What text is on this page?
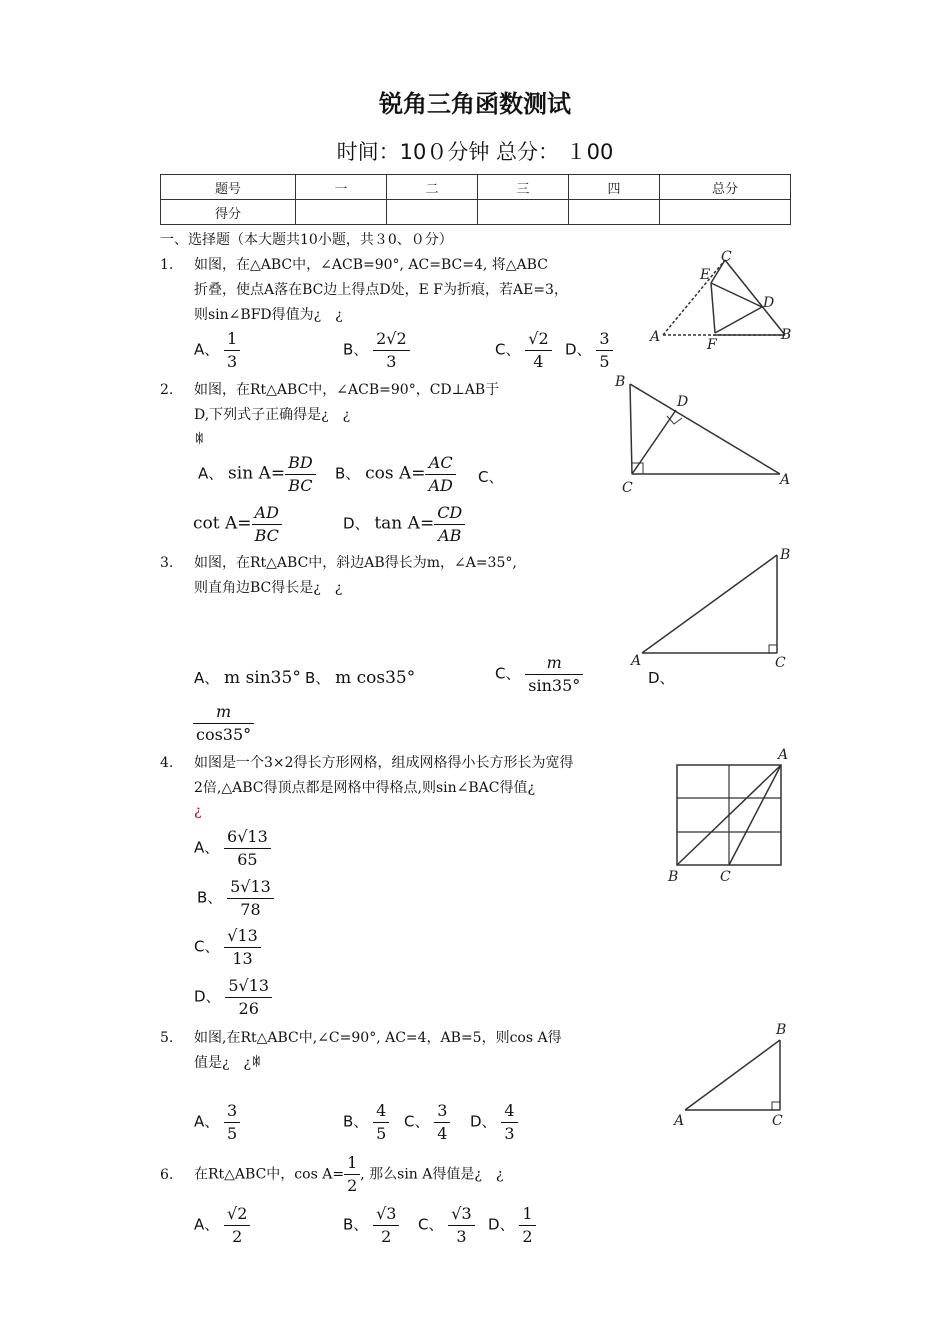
锐角三角函数测试
时间：10０分钟 总分： １00
题号	一	二	三	四	总分
得分					
一、选择题（本大题共10小题，共３0、０分）
1. 如图，在△ABC中，∠ACB=90°, AC=BC=4, 将△ABC
折叠，使点A落在BC边上得点D处，E F为折痕，若AE=3，
则sin∠BFD得值为¿　¿
A、 $\frac{1}{3}$	B、 $\frac{2√2}{3}$	C、 $\frac{√2}{4}$ D、 $\frac{3}{5}$
C
E
D
A	F
B
2. 如图，在Rt△ABC中，∠ACB=90°，CD⊥AB于
D,下列式子正确得是¿　¿
ꇾ
A、 $\sin A= \frac{BD}{BC}$ B、 $\cos A= \frac{AC}{AD}$
$\cot A= \frac{AD}{BC}$
C、
D、 $\tan A= \frac{CD}{AB}$
B
D
C	A
3. 如图，在Rt△ABC中，斜边AB得长为m，∠A=35°,
则直角边BC得长是¿　¿
A、 m sin35° B、 m cos35°	C、 $\frac{m}{\sin 35^\circ}$	D、
$\frac{m}{\cos 35^\circ}$
B
A	C
4. 如图是一个3×2得长方形网格，组成网格得小长方形长为宽得
2倍,△ABC得顶点都是网格中得格点,则sin∠BAC得值¿
¿
A、 $\frac{6√13}{65}$
B、 $\frac{5√13}{78}$
C、 $\frac{√13}{13}$
D、 $\frac{5√13}{26}$
A
B	C
5. 如图,在Rt△ABC中,∠C=90°, AC=4，AB=5，则cos A得
值是¿　¿ꇾ
A、 $\frac{3}{5}$	B、 $\frac{4}{5}$ C、 $\frac{3}{4}$ D、 $\frac{4}{3}$
B
A	C
6. 在Rt△ABC中，$\cos A= \frac{1}{2}$ , 那么sin A得值是¿　¿
A、 $\frac{√2}{2}$	B、 $\frac{√3}{2}$ C、 $\frac{√3}{3}$ D、 $\frac{1}{2}$
